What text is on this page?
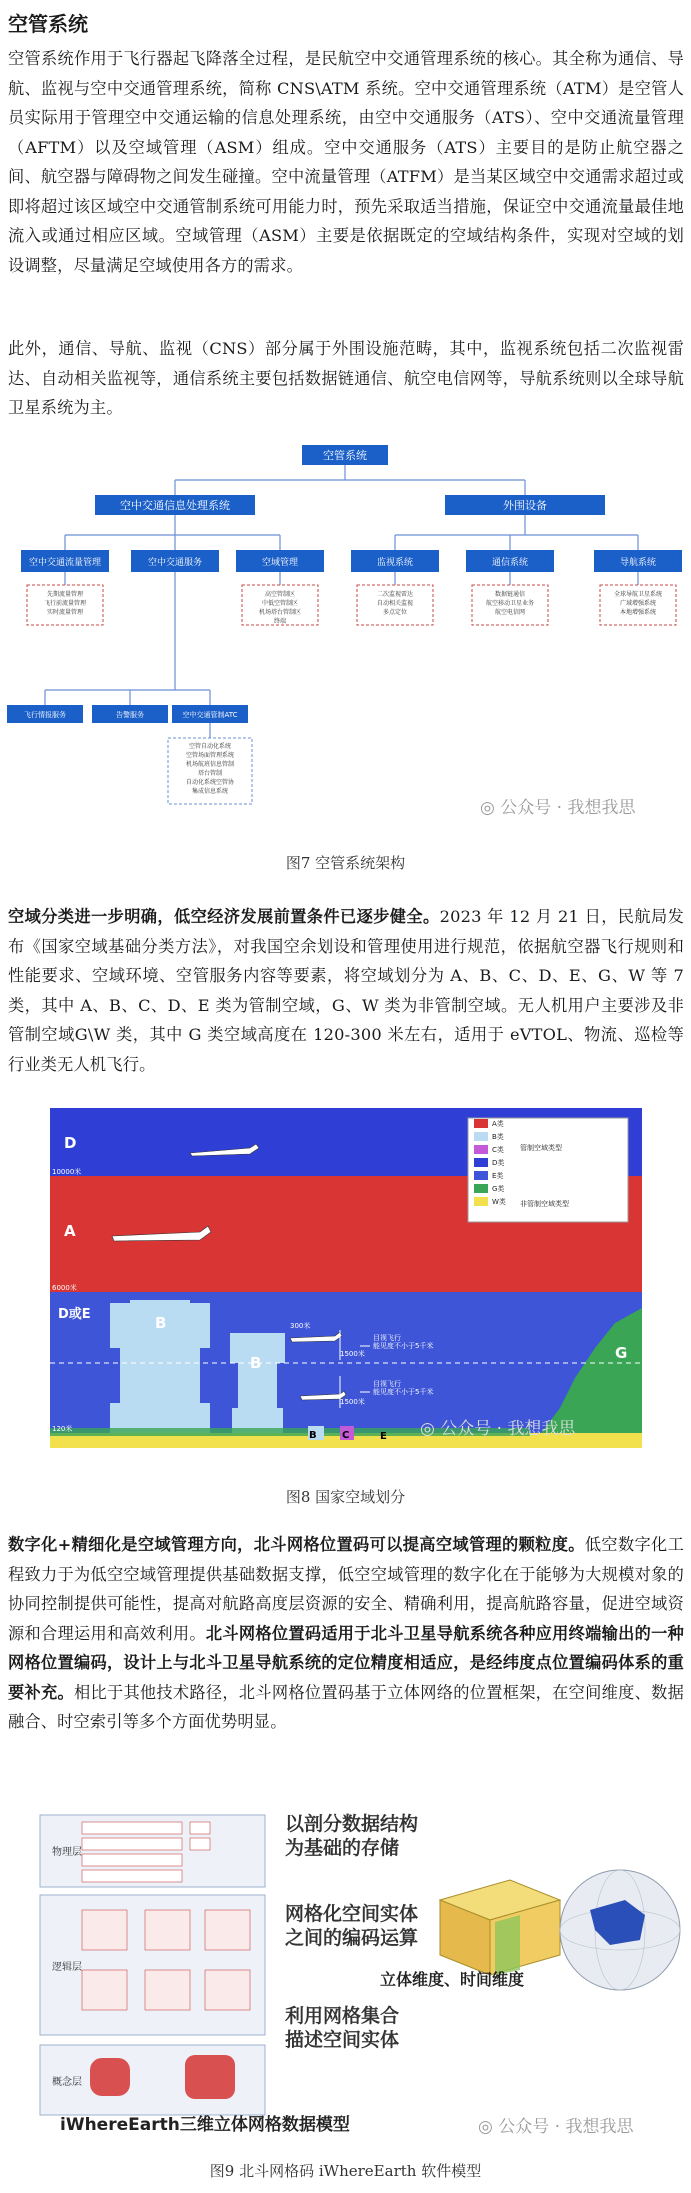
空管系统
空管系统作用于飞行器起飞降落全过程，是民航空中交通管理系统的核心。其全称为通信、导航、监视与空中交通管理系统，简称 CNS\ATM 系统。空中交通管理系统（ATM）是空管人员实际用于管理空中交通运输的信息处理系统，由空中交通服务（ATS）、空中交通流量管理（AFTM）以及空域管理（ASM）组成。空中交通服务（ATS）主要目的是防止航空器之间、航空器与障碍物之间发生碰撞。空中流量管理（ATFM）是当某区域空中交通需求超过或即将超过该区域空中交通管制系统可用能力时，预先采取适当措施，保证空中交通流量最佳地流入或通过相应区域。空域管理（ASM）主要是依据既定的空域结构条件，实现对空域的划设调整，尽量满足空域使用各方的需求。
此外，通信、导航、监视（CNS）部分属于外围设施范畴，其中，监视系统包括二次监视雷达、自动相关监视等，通信系统主要包括数据链通信、航空电信网等，导航系统则以全球导航卫星系统为主。
空管系统
空中交通信息处理系统	外围设备
空中交通流量管理	空中交通服务	空域管理	监视系统	通信系统	导航系统
先期流量管理飞行前流量管理实时流量管理
高空管制区中低空管制区机场塔台管制区终端
二次监视雷达自动相关监视多点定位
数据链通信航空移动卫星业务航空电信网
全球导航卫星系统广域增强系统本地增强系统
飞行情报服务	告警服务	空中交通管制ATC
空管自动化系统空管场面管理系统机场航班信息管制塔台管制自动化系统空管协集成信息系统
◎ 公众号 · 我想我思
图7 空管系统架构
空域分类进一步明确，低空经济发展前置条件已逐步健全。2023 年 12 月 21 日，民航局发布《国家空域基础分类方法》，对我国空余划设和管理使用进行规范，依据航空器飞行规则和性能要求、空域环境、空管服务内容等要素，将空域划分为 A、B、C、D、E、G、W 等 7 类，其中 A、B、C、D、E 类为管制空域，G、W 类为非管制空域。无人机用户主要涉及非管制空域G\W 类，其中 G 类空域高度在 120-300 米左右，适用于 eVTOL、物流、巡检等行业类无人机飞行。
D
A
D或E	B
B
G
B	C	E
10000米
6000米
120米
300米
1500米
1500米
目视飞行能见度不小于5千米
目视飞行能见度不小于5千米
A类
B类
C类
D类
E类
G类
W类
管制空域类型
非管制空域类型
◎ 公众号 · 我想我思
图8 国家空域划分
数字化+精细化是空域管理方向，北斗网格位置码可以提高空域管理的颗粒度。低空数字化工程致力于为低空空域管理提供基础数据支撑，低空空域管理的数字化在于能够为大规模对象的协同控制提供可能性，提高对航路高度层资源的安全、精确利用，提高航路容量，促进空域资源和合理运用和高效利用。北斗网格位置码适用于北斗卫星导航系统各种应用终端输出的一种网格位置编码，设计上与北斗卫星导航系统的定位精度相适应，是经纬度点位置编码体系的重要补充。相比于其他技术路径，北斗网格位置码基于立体网络的位置框架，在空间维度、数据融合、时空索引等多个方面优势明显。
物理层
逻辑层
概念层
以剖分数据结构为基础的存储
网格化空间实体之间的编码运算
利用网格集合描述空间实体
立体维度、时间维度
iWhereEarth三维立体网格数据模型	◎ 公众号 · 我想我思
图9 北斗网格码 iWhereEarth 软件模型
